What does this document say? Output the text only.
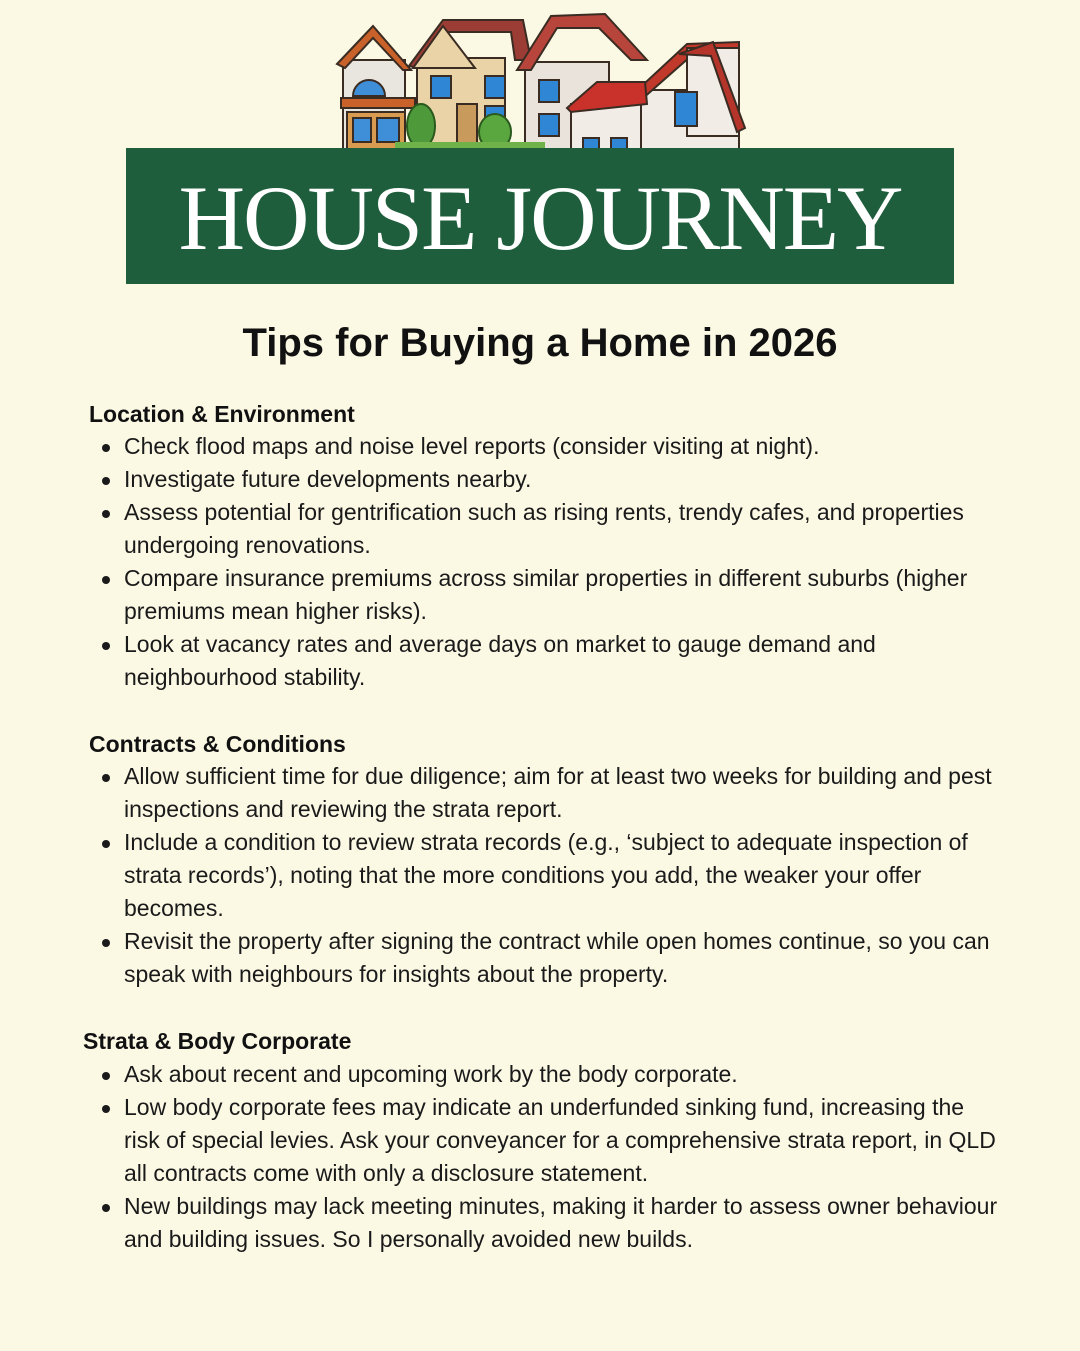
HOUSE JOURNEY
Tips for Buying a Home in 2026
Location & Environment
Check flood maps and noise level reports (consider visiting at night).
Investigate future developments nearby.
Assess potential for gentrification such as rising rents, trendy cafes, and properties undergoing renovations.
Compare insurance premiums across similar properties in different suburbs (higher premiums mean higher risks).
Look at vacancy rates and average days on market to gauge demand and neighbourhood stability.
Contracts & Conditions
Allow sufficient time for due diligence; aim for at least two weeks for building and pest inspections and reviewing the strata report.
Include a condition to review strata records (e.g., ‘subject to adequate inspection of strata records’), noting that the more conditions you add, the weaker your offer becomes.
Revisit the property after signing the contract while open homes continue, so you can speak with neighbours for insights about the property.
Strata & Body Corporate
Ask about recent and upcoming work by the body corporate.
Low body corporate fees may indicate an underfunded sinking fund, increasing the risk of special levies. Ask your conveyancer for a comprehensive strata report, in QLD all contracts come with only a disclosure statement.
New buildings may lack meeting minutes, making it harder to assess owner behaviour and building issues. So I personally avoided new builds.
